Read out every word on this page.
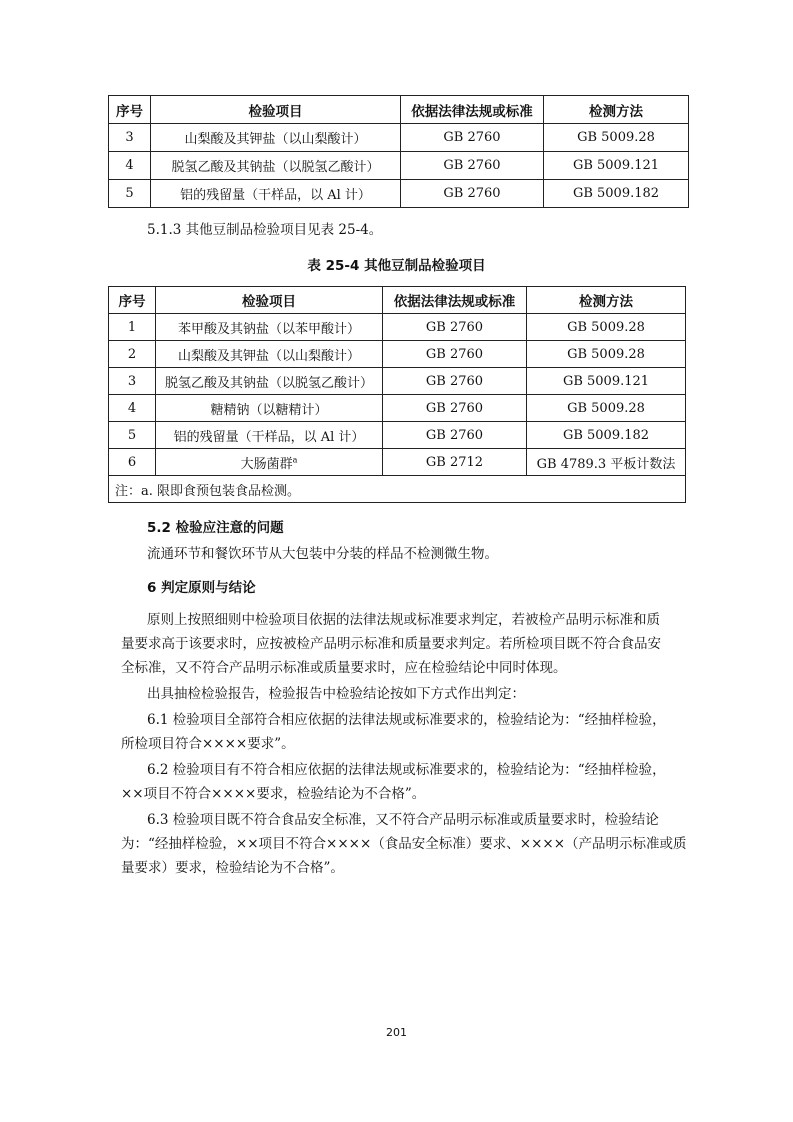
序号	检验项目	依据法律法规或标准	检测方法
3	山梨酸及其钾盐（以山梨酸计）	GB 2760	GB 5009.28
4	脱氢乙酸及其钠盐（以脱氢乙酸计）	GB 2760	GB 5009.121
5	铝的残留量（干样品，以 Al 计）	GB 2760	GB 5009.182
5.1.3 其他豆制品检验项目见表 25-4。
表 25-4 其他豆制品检验项目
序号	检验项目	依据法律法规或标准	检测方法
1	苯甲酸及其钠盐（以苯甲酸计）	GB 2760	GB 5009.28
2	山梨酸及其钾盐（以山梨酸计）	GB 2760	GB 5009.28
3	脱氢乙酸及其钠盐（以脱氢乙酸计）	GB 2760	GB 5009.121
4	糖精钠（以糖精计）	GB 2760	GB 5009.28
5	铝的残留量（干样品，以 Al 计）	GB 2760	GB 5009.182
6	大肠菌群$^a$	GB 2712	GB 4789.3 平板计数法
注：a. 限即食预包装食品检测。			
5.2 检验应注意的问题
流通环节和餐饮环节从大包装中分装的样品不检测微生物。
6 判定原则与结论
原则上按照细则中检验项目依据的法律法规或标准要求判定，若被检产品明示标准和质
量要求高于该要求时，应按被检产品明示标准和质量要求判定。若所检项目既不符合食品安
全标准，又不符合产品明示标准或质量要求时，应在检验结论中同时体现。
出具抽检检验报告，检验报告中检验结论按如下方式作出判定：
6.1 检验项目全部符合相应依据的法律法规或标准要求的，检验结论为：“经抽样检验，
所检项目符合××××要求”。
6.2 检验项目有不符合相应依据的法律法规或标准要求的，检验结论为：“经抽样检验，
××项目不符合××××要求，检验结论为不合格”。
6.3 检验项目既不符合食品安全标准，又不符合产品明示标准或质量要求时，检验结论
为：“经抽样检验，××项目不符合××××（食品安全标准）要求、××××（产品明示标准或质
量要求）要求，检验结论为不合格”。
201
